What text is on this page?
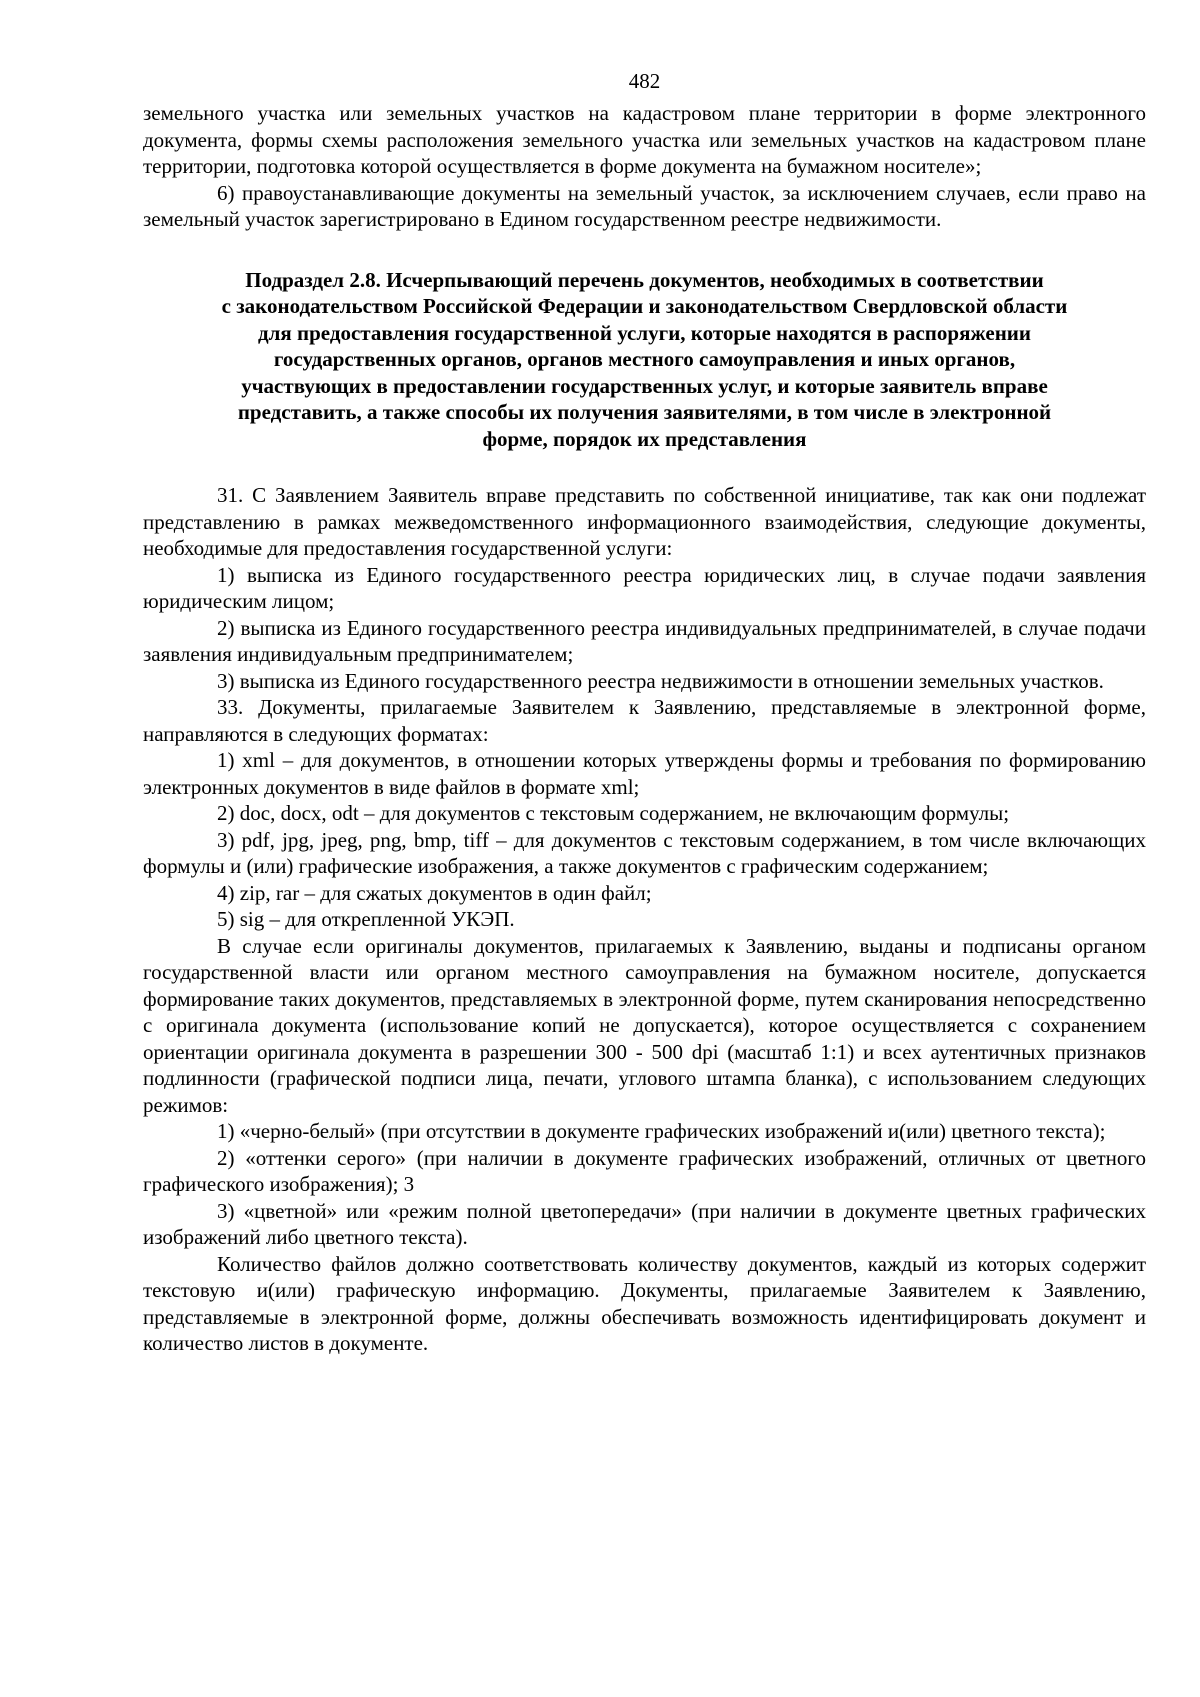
482

земельного участка или земельных участков на кадастровом плане территории в форме электронного документа, формы схемы расположения земельного участка или земельных участков на кадастровом плане территории, подготовка которой осуществляется в форме документа на бумажном носителе»;

6) правоустанавливающие документы на земельный участок, за исключением случаев, если право на земельный участок зарегистрировано в Едином государственном реестре недвижимости.

Подраздел 2.8. Исчерпывающий перечень документов, необходимых в соответствии
с законодательством Российской Федерации и законодательством Свердловской области
для предоставления государственной услуги, которые находятся в распоряжении
государственных органов, органов местного самоуправления и иных органов,
участвующих в предоставлении государственных услуг, и которые заявитель вправе
представить, а также способы их получения заявителями, в том числе в электронной
форме, порядок их представления

31. С Заявлением Заявитель вправе представить по собственной инициативе, так как они подлежат представлению в рамках межведомственного информационного взаимодействия, следующие документы, необходимые для предоставления государственной услуги:

1) выписка из Единого государственного реестра юридических лиц, в случае подачи заявления юридическим лицом;

2) выписка из Единого государственного реестра индивидуальных предпринимателей, в случае подачи заявления индивидуальным предпринимателем;

3) выписка из Единого государственного реестра недвижимости в отношении земельных участков.

33. Документы, прилагаемые Заявителем к Заявлению, представляемые в электронной форме, направляются в следующих форматах:

1) xml – для документов, в отношении которых утверждены формы и требования по формированию электронных документов в виде файлов в формате xml;

2) doc, docx, odt – для документов с текстовым содержанием, не включающим формулы;

3) pdf, jpg, jpeg, png, bmp, tiff – для документов с текстовым содержанием, в том числе включающих формулы и (или) графические изображения, а также документов с графическим содержанием;

4) zip, rar – для сжатых документов в один файл;

5) sig – для открепленной УКЭП.

В случае если оригиналы документов, прилагаемых к Заявлению, выданы и подписаны органом государственной власти или органом местного самоуправления на бумажном носителе, допускается формирование таких документов, представляемых в электронной форме, путем сканирования непосредственно с оригинала документа (использование копий не допускается), которое осуществляется с сохранением ориентации оригинала документа в разрешении 300 - 500 dpi (масштаб 1:1) и всех аутентичных признаков подлинности (графической подписи лица, печати, углового штампа бланка), с использованием следующих режимов:

1) «черно-белый» (при отсутствии в документе графических изображений и(или) цветного текста);

2) «оттенки серого» (при наличии в документе графических изображений, отличных от цветного графического изображения); 3

3) «цветной» или «режим полной цветопередачи» (при наличии в документе цветных графических изображений либо цветного текста).

Количество файлов должно соответствовать количеству документов, каждый из которых содержит текстовую и(или) графическую информацию. Документы, прилагаемые Заявителем к Заявлению, представляемые в электронной форме, должны обеспечивать возможность идентифицировать документ и количество листов в документе.
